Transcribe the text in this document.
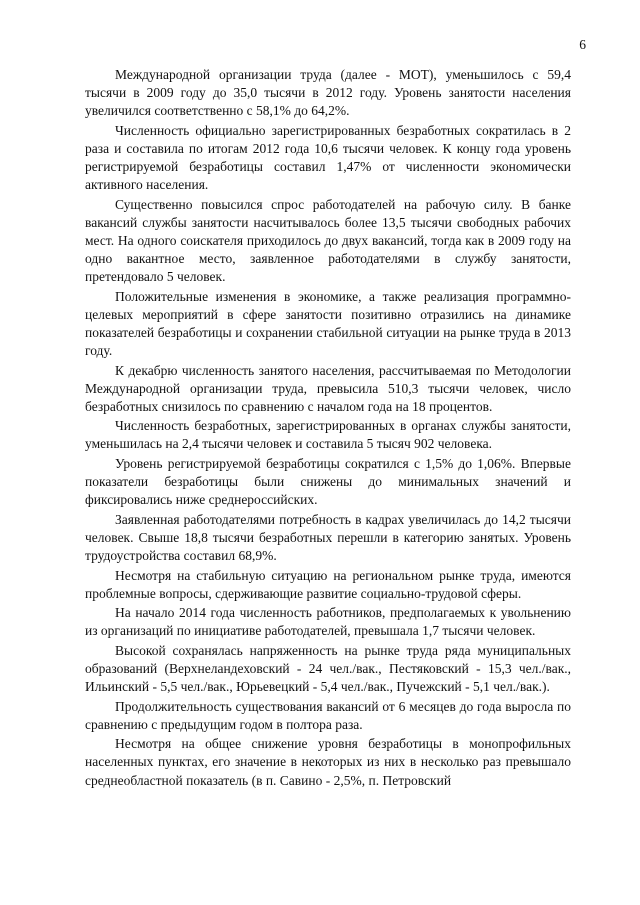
6

Международной организации труда (далее - МОТ), уменьшилось с 59,4 тысячи в 2009 году до 35,0 тысячи в 2012 году. Уровень занятости населения увеличился соответственно с 58,1% до 64,2%.

Численность официально зарегистрированных безработных сократилась в 2 раза и составила по итогам 2012 года 10,6 тысячи человек. К концу года уровень регистрируемой безработицы составил 1,47% от численности экономически активного населения.

Существенно повысился спрос работодателей на рабочую силу. В банке вакансий службы занятости насчитывалось более 13,5 тысячи свободных рабочих мест. На одного соискателя приходилось до двух вакансий, тогда как в 2009 году на одно вакантное место, заявленное работодателями в службу занятости, претендовало 5 человек.

Положительные изменения в экономике, а также реализация программно-целевых мероприятий в сфере занятости позитивно отразились на динамике показателей безработицы и сохранении стабильной ситуации на рынке труда в 2013 году.

К декабрю численность занятого населения, рассчитываемая по Методологии Международной организации труда, превысила 510,3 тысячи человек, число безработных снизилось по сравнению с началом года на 18 процентов.

Численность безработных, зарегистрированных в органах службы занятости, уменьшилась на 2,4 тысячи человек и составила 5 тысяч 902 человека.

Уровень регистрируемой безработицы сократился с 1,5% до 1,06%. Впервые показатели безработицы были снижены до минимальных значений и фиксировались ниже среднероссийских.

Заявленная работодателями потребность в кадрах увеличилась до 14,2 тысячи человек. Свыше 18,8 тысячи безработных перешли в категорию занятых. Уровень трудоустройства составил 68,9%.

Несмотря на стабильную ситуацию на региональном рынке труда, имеются проблемные вопросы, сдерживающие развитие социально-трудовой сферы.

На начало 2014 года численность работников, предполагаемых к увольнению из организаций по инициативе работодателей, превышала 1,7 тысячи человек.

Высокой сохранялась напряженность на рынке труда ряда муниципальных образований (Верхнеландеховский - 24 чел./вак., Пестяковский - 15,3 чел./вак., Ильинский - 5,5 чел./вак., Юрьевецкий - 5,4 чел./вак., Пучежский - 5,1 чел./вак.).

Продолжительность существования вакансий от 6 месяцев до года выросла по сравнению с предыдущим годом в полтора раза.

Несмотря на общее снижение уровня безработицы в монопрофильных населенных пунктах, его значение в некоторых из них в несколько раз превышало среднеобластной показатель (в п. Савино - 2,5%, п. Петровский
